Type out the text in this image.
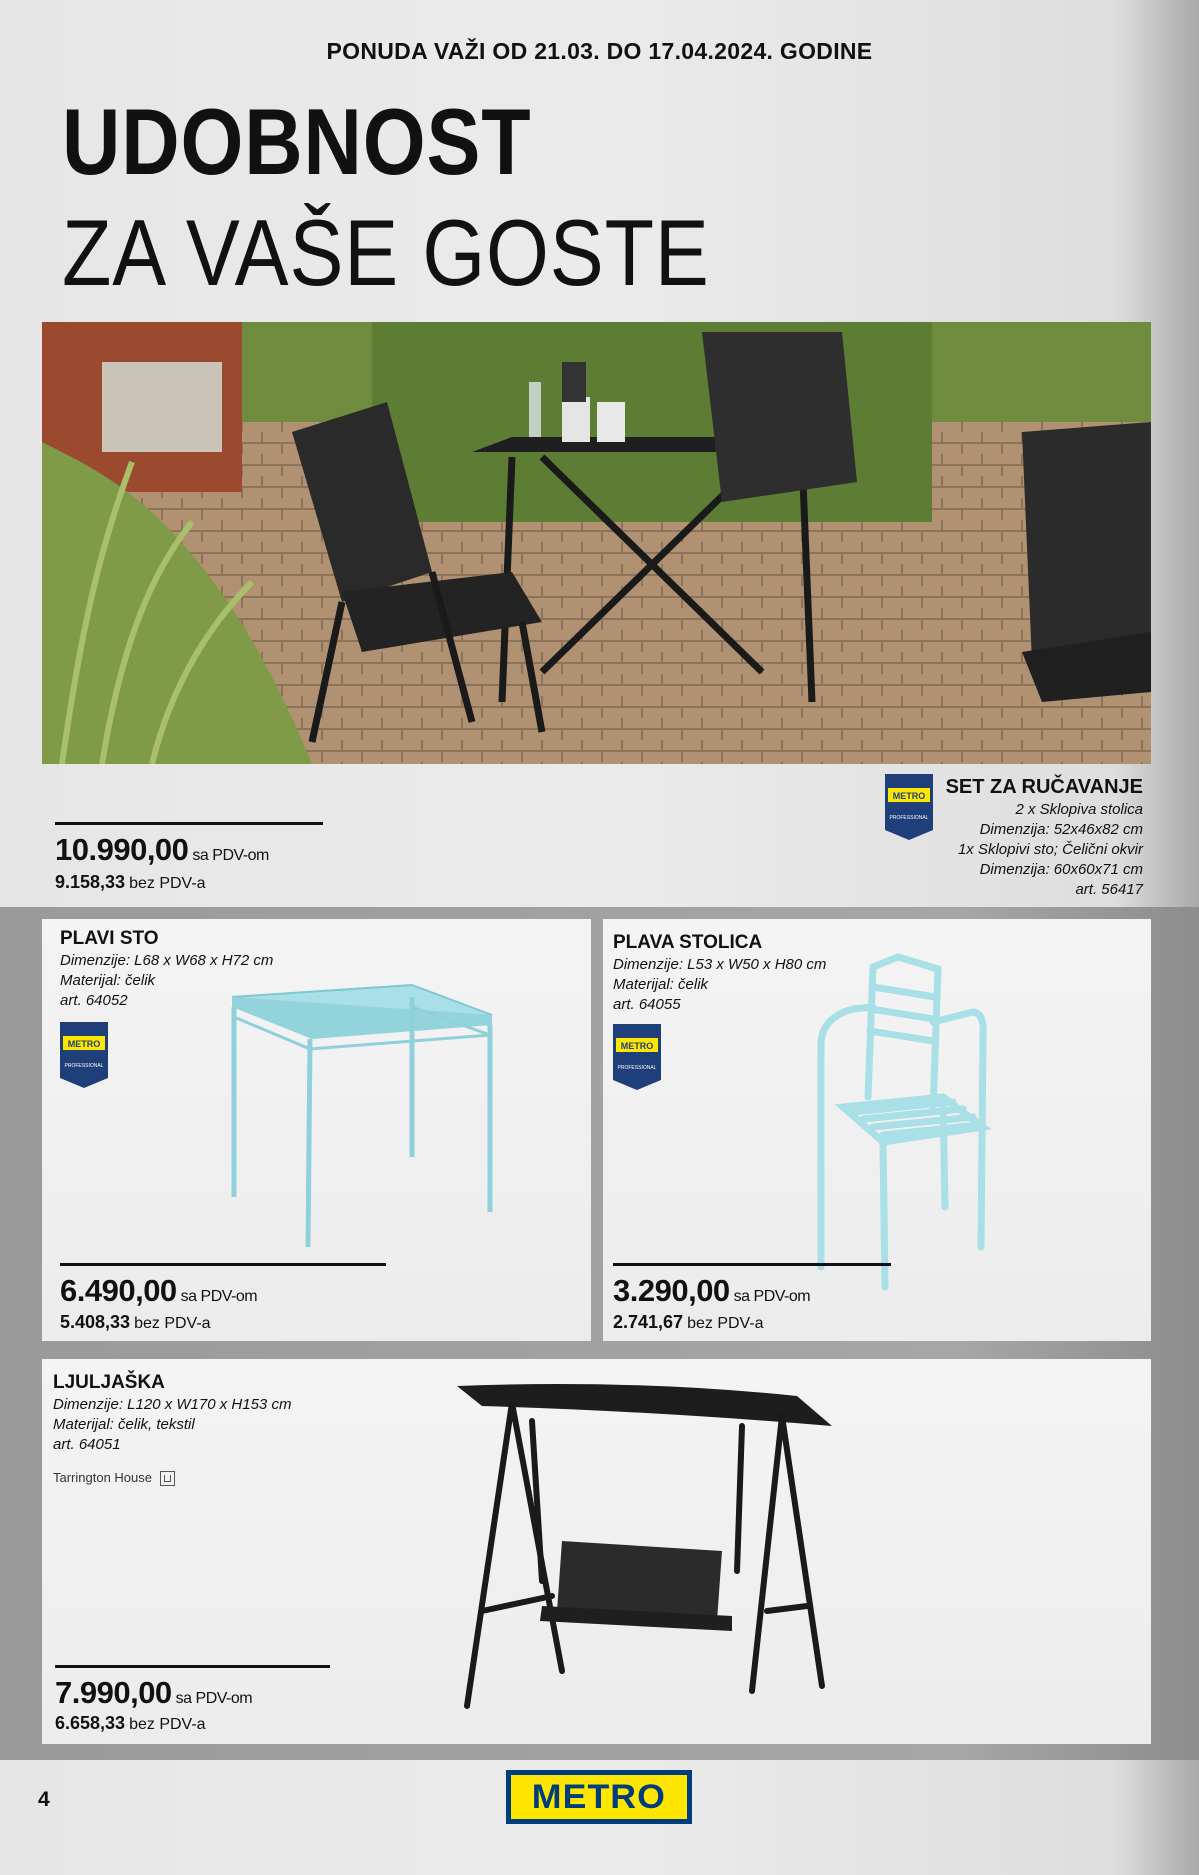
PONUDA VAŽI OD 21.03. DO 17.04.2024. GODINE
UDOBNOST
ZA VAŠE GOSTE
METRO
PROFESSIONAL
SET ZA RUČAVANJE
2 x Sklopiva stolica
Dimenzija: 52x46x82 cm
1x Sklopivi sto; Čelični okvir
Dimenzija: 60x60x71 cm
art. 56417
10.990,00 sa PDV-om
9.158,33 bez PDV-a
PLAVI STO
Dimenzije: L68 x W68 x H72 cm
Materijal: čelik
art. 64052
METRO
PROFESSIONAL
6.490,00 sa PDV-om
5.408,33 bez PDV-a
PLAVA STOLICA
Dimenzije: L53 x W50 x H80 cm
Materijal: čelik
art. 64055
METRO
PROFESSIONAL
3.290,00 sa PDV-om
2.741,67 bez PDV-a
LJULJAŠKA
Dimenzije: L120 x W170 x H153 cm
Materijal: čelik, tekstil
art. 64051
Tarrington House
7.990,00 sa PDV-om
6.658,33 bez PDV-a
4	METRO
